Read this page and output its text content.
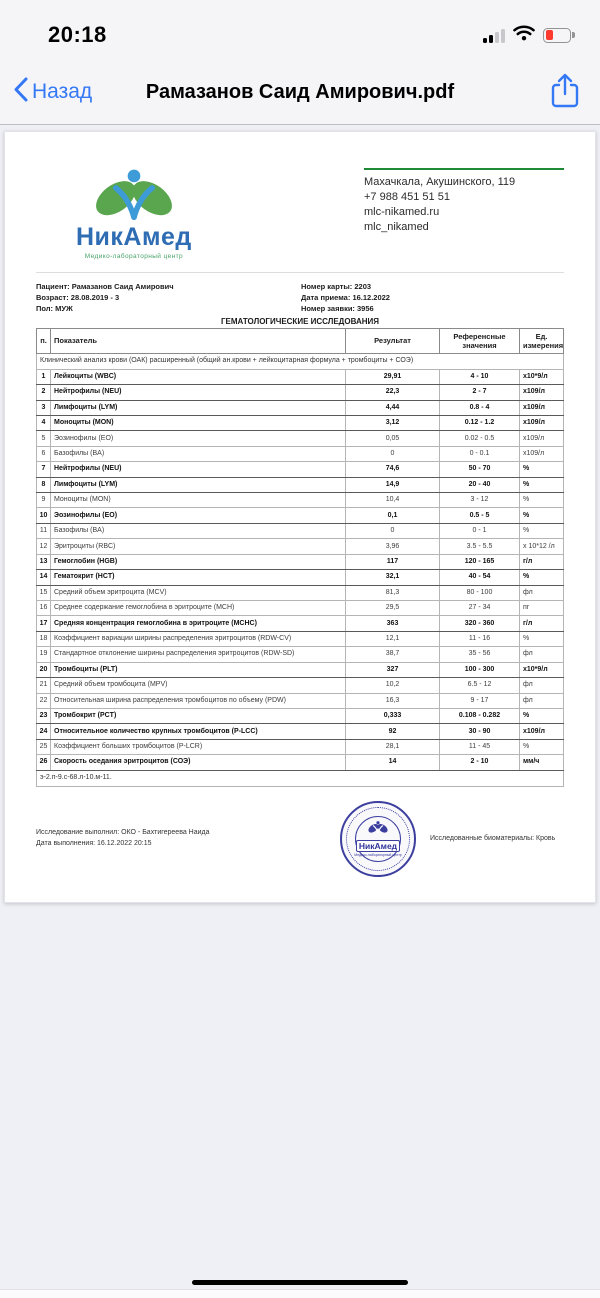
20:18
Назад	Рамазанов Саид Амирович.pdf
НикАмед
Медико-лабораторный центр
Махачкала, Акушинского, 119
+7 988 451 51 51
mlc-nikamed.ru
mlc_nikamed
Пациент: Рамазанов Саид Амирович
Возраст: 28.08.2019 - 3
Пол: МУЖ
Номер карты: 2203
Дата приема: 16.12.2022
Номер заявки: 3956
ГЕМАТОЛОГИЧЕСКИЕ ИССЛЕДОВАНИЯ
п.	Показатель	Результат	Референсные значения	Ед. измерения
Клинический анализ крови (ОАК) расширенный (общий ан.крови + лейкоцитарная формула + тромбоциты + СОЭ)				
1	Лейкоциты (WBC)	29,91	4 - 10	x10*9/л
2	Нейтрофилы (NEU)	22,3	2 - 7	x109/л
3	Лимфоциты (LYM)	4,44	0.8 - 4	x109/л
4	Моноциты (MON)	3,12	0.12 - 1.2	x109/л
5	Эозинофилы (EO)	0,05	0.02 - 0.5	x109/л
6	Базофилы (BA)	0	0 - 0.1	x109/л
7	Нейтрофилы (NEU)	74,6	50 - 70	%
8	Лимфоциты (LYM)	14,9	20 - 40	%
9	Моноциты (MON)	10,4	3 - 12	%
10	Эозинофилы (EO)	0,1	0.5 - 5	%
11	Базофилы (BA)	0	0 - 1	%
12	Эритроциты (RBC)	3,96	3.5 - 5.5	x 10*12 /л
13	Гемоглобин (HGB)	117	120 - 165	г/л
14	Гематокрит (HCT)	32,1	40 - 54	%
15	Средний объем эритроцита (MCV)	81,3	80 - 100	фл
16	Среднее содержание гемоглобина в эритроците (MCH)	29,5	27 - 34	пг
17	Средняя концентрация гемоглобина в эритроците (MCHC)	363	320 - 360	г/л
18	Коэффициент вариации ширины распределения эритроцитов (RDW-CV)	12,1	11 - 16	%
19	Стандартное отклонение ширины распределения эритроцитов (RDW-SD)	38,7	35 - 56	фл
20	Тромбоциты (PLT)	327	100 - 300	x10*9/л
21	Средний объем тромбоцита (MPV)	10,2	6.5 - 12	фл
22	Относительная ширина распределения тромбоцитов по объему (PDW)	16,3	9 - 17	фл
23	Тромбокрит (PCT)	0,333	0.108 - 0.282	%
24	Относительное количество крупных тромбоцитов (P-LCC)	92	30 - 90	x109/л
25	Коэффициент больших тромбоцитов (P-LCR)	28,1	11 - 45	%
26	Скорость оседания эритроцитов (СОЭ)	14	2 - 10	мм/ч
э-2.п-9.с-68.л-10.м-11.				
Исследование выполнил: ОКО - Бахтигереева Наида
Дата выполнения: 16.12.2022 20:15	НикАмед
Медико-лабораторный центр
Исследованные биоматериалы: Кровь
